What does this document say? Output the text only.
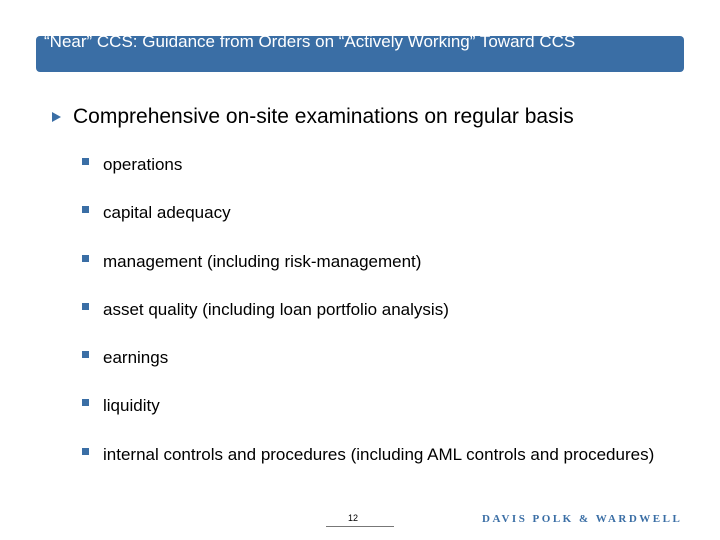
“Near” CCS: Guidance from Orders on “Actively Working” Toward CCS
Comprehensive on-site examinations on regular basis
operations
capital adequacy
management (including risk-management)
asset quality (including loan portfolio analysis)
earnings
liquidity
internal controls and procedures (including AML controls and procedures)
12	DAVIS POLK & WARDWELL
